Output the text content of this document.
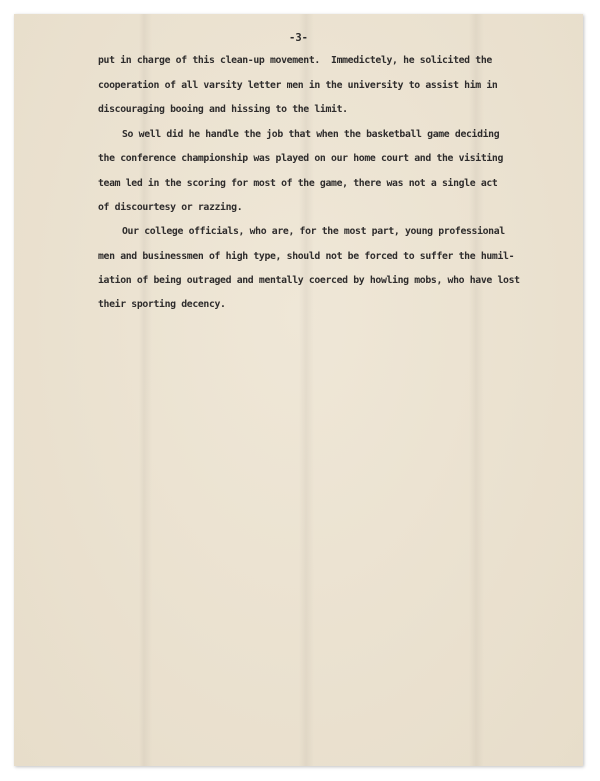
-3-
put in charge of this clean-up movement.  Immedictely, he solicited the
cooperation of all varsity letter men in the university to assist him in
discouraging booing and hissing to the limit.
So well did he handle the job that when the basketball game deciding
the conference championship was played on our home court and the visiting
team led in the scoring for most of the game, there was not a single act
of discourtesy or razzing.
Our college officials, who are, for the most part, young professional
men and businessmen of high type, should not be forced to suffer the humil-
iation of being outraged and mentally coerced by howling mobs, who have lost
their sporting decency.
